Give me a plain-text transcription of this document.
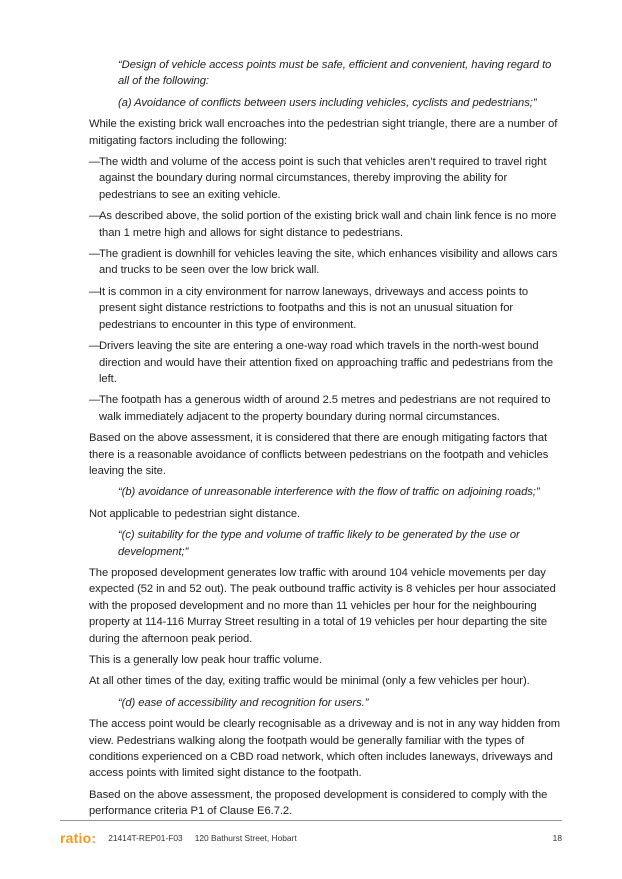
“Design of vehicle access points must be safe, efficient and convenient, having regard to all of the following:

(a) Avoidance of conflicts between users including vehicles, cyclists and pedestrians;”

While the existing brick wall encroaches into the pedestrian sight triangle, there are a number of mitigating factors including the following:

—
The width and volume of the access point is such that vehicles aren’t required to travel right against the boundary during normal circumstances, thereby improving the ability for pedestrians to see an exiting vehicle.
—
As described above, the solid portion of the existing brick wall and chain link fence is no more than 1 metre high and allows for sight distance to pedestrians.
—
The gradient is downhill for vehicles leaving the site, which enhances visibility and allows cars and trucks to be seen over the low brick wall.
—
It is common in a city environment for narrow laneways, driveways and access points to present sight distance restrictions to footpaths and this is not an unusual situation for pedestrians to encounter in this type of environment.
—
Drivers leaving the site are entering a one-way road which travels in the north-west bound direction and would have their attention fixed on approaching traffic and pedestrians from the left.
—
The footpath has a generous width of around 2.5 metres and pedestrians are not required to walk immediately adjacent to the property boundary during normal circumstances.

Based on the above assessment, it is considered that there are enough mitigating factors that there is a reasonable avoidance of conflicts between pedestrians on the footpath and vehicles leaving the site.

“(b) avoidance of unreasonable interference with the flow of traffic on adjoining roads;”

Not applicable to pedestrian sight distance.

“(c) suitability for the type and volume of traffic likely to be generated by the use or development;”

The proposed development generates low traffic with around 104 vehicle movements per day expected (52 in and 52 out). The peak outbound traffic activity is 8 vehicles per hour associated with the proposed development and no more than 11 vehicles per hour for the neighbouring property at 114-116 Murray Street resulting in a total of 19 vehicles per hour departing the site during the afternoon peak period.

This is a generally low peak hour traffic volume.

At all other times of the day, exiting traffic would be minimal (only a few vehicles per hour).

“(d) ease of accessibility and recognition for users.”

The access point would be clearly recognisable as a driveway and is not in any way hidden from view. Pedestrians walking along the footpath would be generally familiar with the types of conditions experienced on a CBD road network, which often includes laneways, driveways and access points with limited sight distance to the footpath.

Based on the above assessment, the proposed development is considered to comply with the performance criteria P1 of Clause E6.7.2.

ratio: 21414T-REP01-F03 120 Bathurst Street, Hobart	18
